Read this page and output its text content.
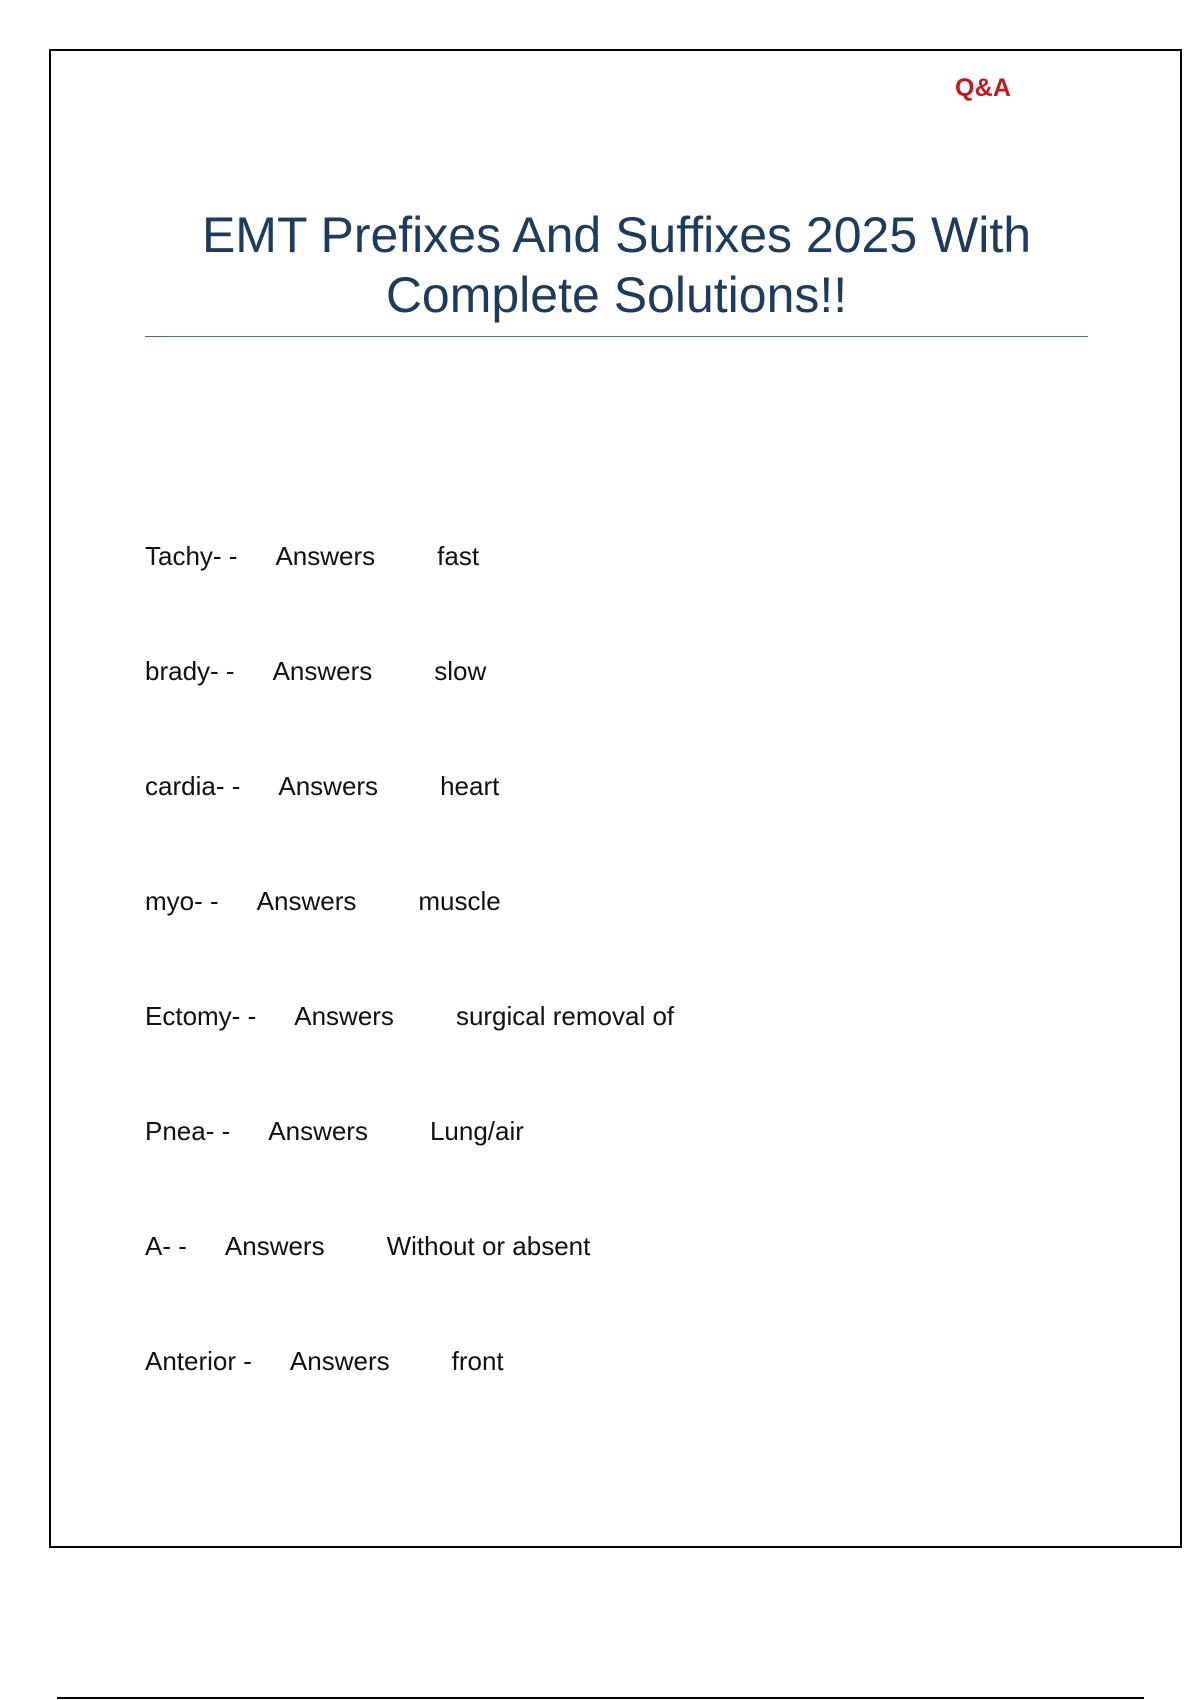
Q&A
EMT Prefixes And Suffixes 2025 With Complete Solutions!!
Tachy- - Answers fast
brady- - Answers slow
cardia- - Answers heart
myo- - Answers muscle
Ectomy- - Answers surgical removal of
Pnea- - Answers Lung/air
A- - Answers Without or absent
Anterior - Answers front
